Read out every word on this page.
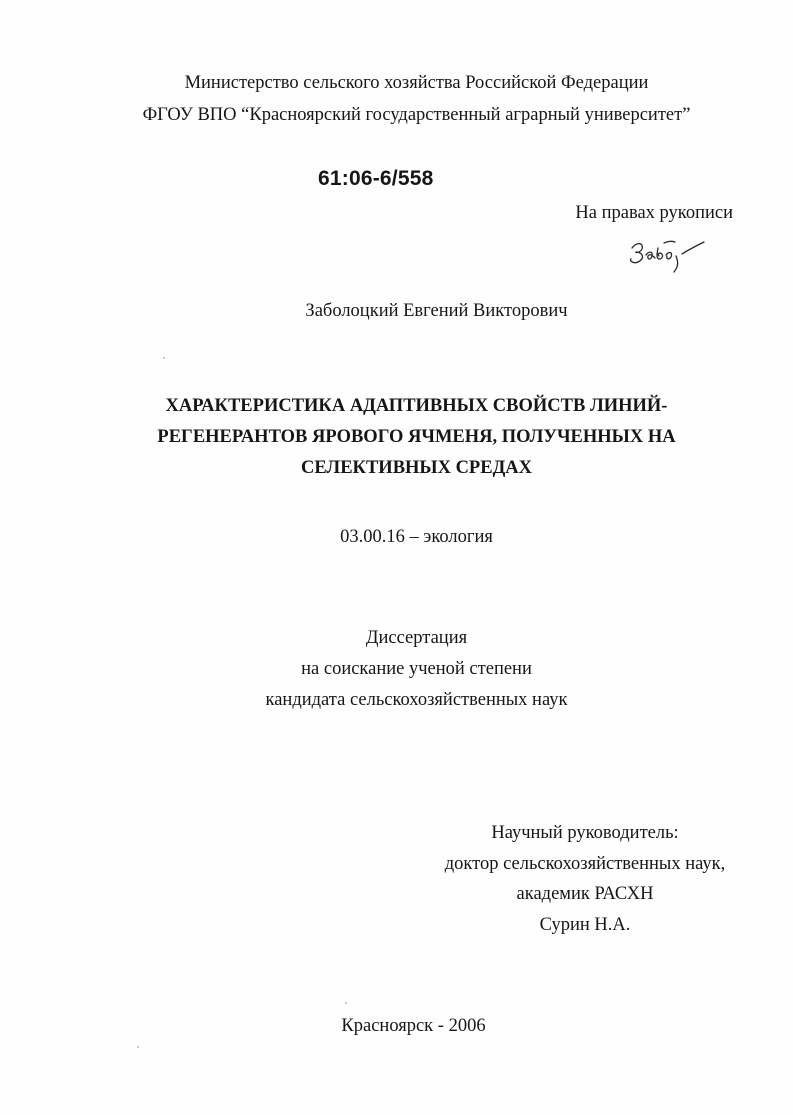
Министерство сельского хозяйства Российской Федерации
ФГОУ ВПО “Красноярский государственный аграрный университет”
61:06-6/558
На правах рукописи
Заболоцкий Евгений Викторович
ХАРАКТЕРИСТИКА АДАПТИВНЫХ СВОЙСТВ ЛИНИЙ-
РЕГЕНЕРАНТОВ ЯРОВОГО ЯЧМЕНЯ, ПОЛУЧЕННЫХ НА
СЕЛЕКТИВНЫХ СРЕДАХ
03.00.16 – экология
Диссертация
на соискание ученой степени
кандидата сельскохозяйственных наук
Научный руководитель:
доктор сельскохозяйственных наук,
академик РАСХН
Сурин Н.А.
Красноярск - 2006
